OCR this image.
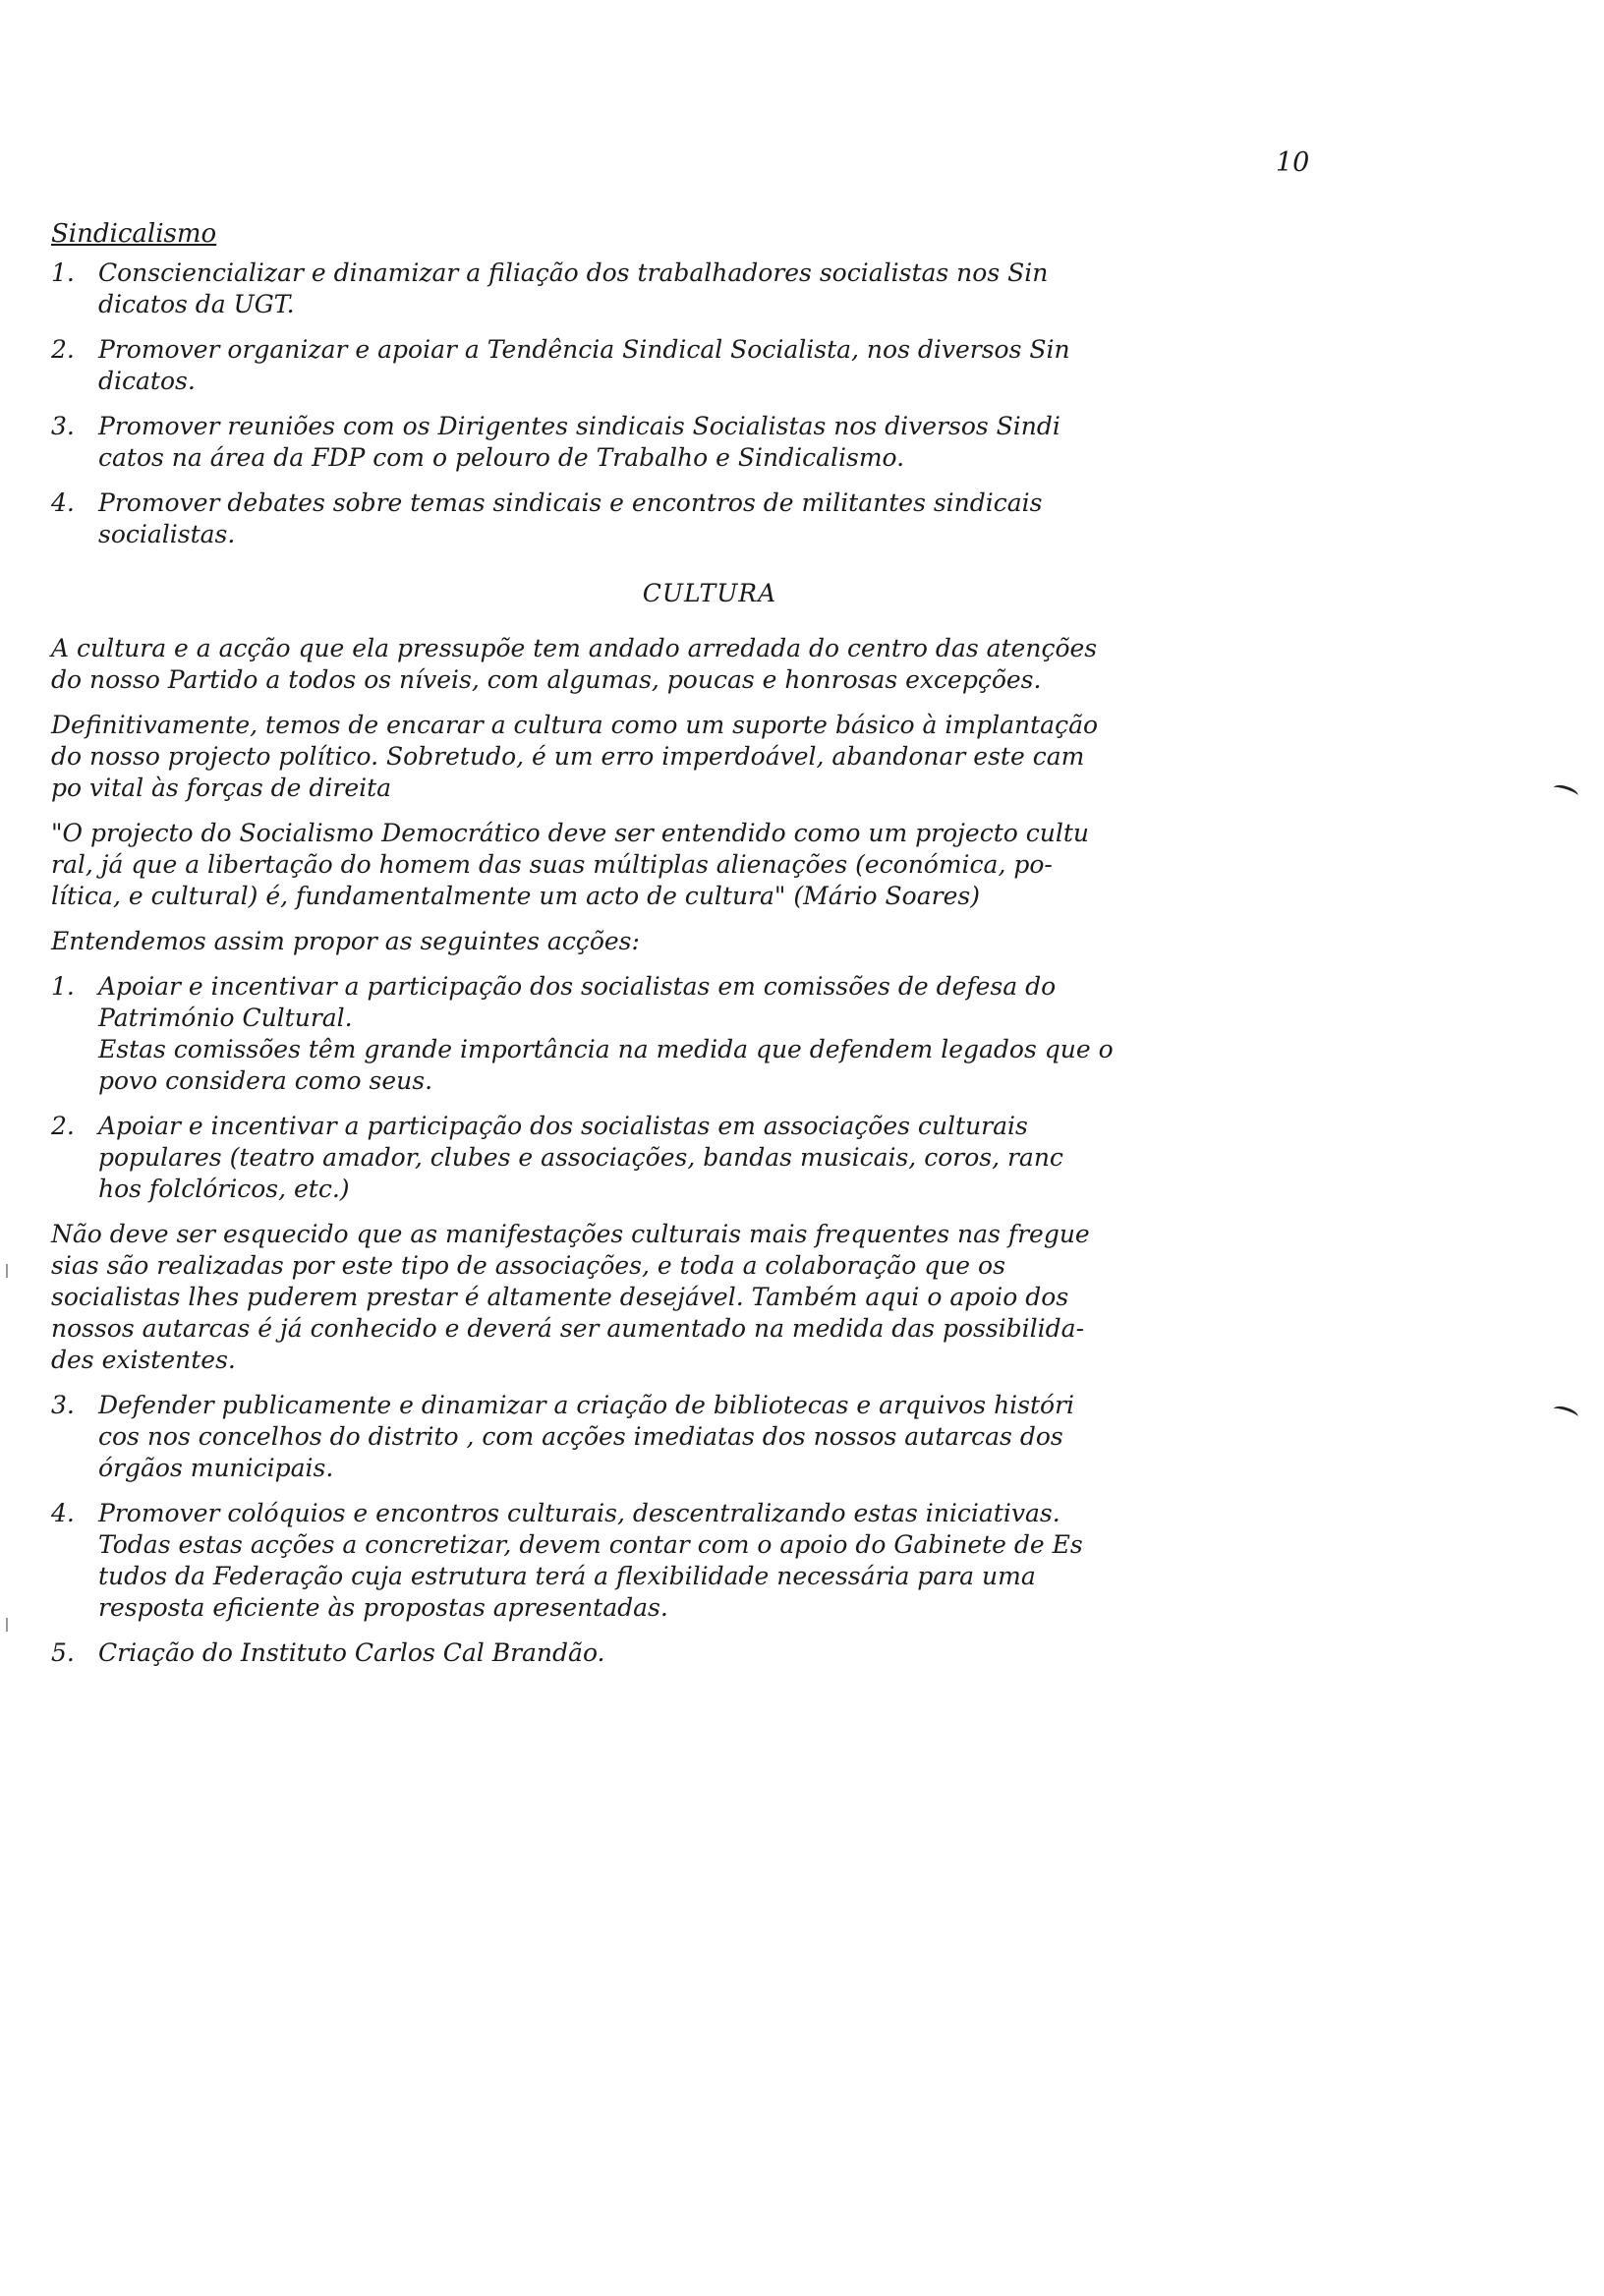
10
Sindicalismo
1. Consciencializar e dinamizar a filiação dos trabalhadores socialistas nos Sin
dicatos da UGT.
2. Promover organizar e apoiar a Tendência Sindical Socialista, nos diversos Sin
dicatos.
3. Promover reuniões com os Dirigentes sindicais Socialistas nos diversos Sindi
catos na área da FDP com o pelouro de Trabalho e Sindicalismo.
4. Promover debates sobre temas sindicais e encontros de militantes sindicais
socialistas.
CULTURA
A cultura e a acção que ela pressupõe tem andado arredada do centro das atenções
do nosso Partido a todos os níveis, com algumas, poucas e honrosas excepções.
Definitivamente, temos de encarar a cultura como um suporte básico à implantação
do nosso projecto político. Sobretudo, é um erro imperdoável, abandonar este cam
po vital às forças de direita
"O projecto do Socialismo Democrático deve ser entendido como um projecto cultu
ral, já que a libertação do homem das suas múltiplas alienações (económica, po-
lítica, e cultural) é, fundamentalmente um acto de cultura" (Mário Soares)
Entendemos assim propor as seguintes acções:
1. Apoiar e incentivar a participação dos socialistas em comissões de defesa do
Património Cultural.
Estas comissões têm grande importância na medida que defendem legados que o
povo considera como seus.
2. Apoiar e incentivar a participação dos socialistas em associações culturais
populares (teatro amador, clubes e associações, bandas musicais, coros, ranc
hos folclóricos, etc.)
Não deve ser esquecido que as manifestações culturais mais frequentes nas fregue
sias são realizadas por este tipo de associações, e toda a colaboração que os
socialistas lhes puderem prestar é altamente desejável. Também aqui o apoio dos
nossos autarcas é já conhecido e deverá ser aumentado na medida das possibilida-
des existentes.
3. Defender publicamente e dinamizar a criação de bibliotecas e arquivos históri
cos nos concelhos do distrito , com acções imediatas dos nossos autarcas dos
órgãos municipais.
4. Promover colóquios e encontros culturais, descentralizando estas iniciativas.
Todas estas acções a concretizar, devem contar com o apoio do Gabinete de Es
tudos da Federação cuja estrutura terá a flexibilidade necessária para uma
resposta eficiente às propostas apresentadas.
5. Criação do Instituto Carlos Cal Brandão.
